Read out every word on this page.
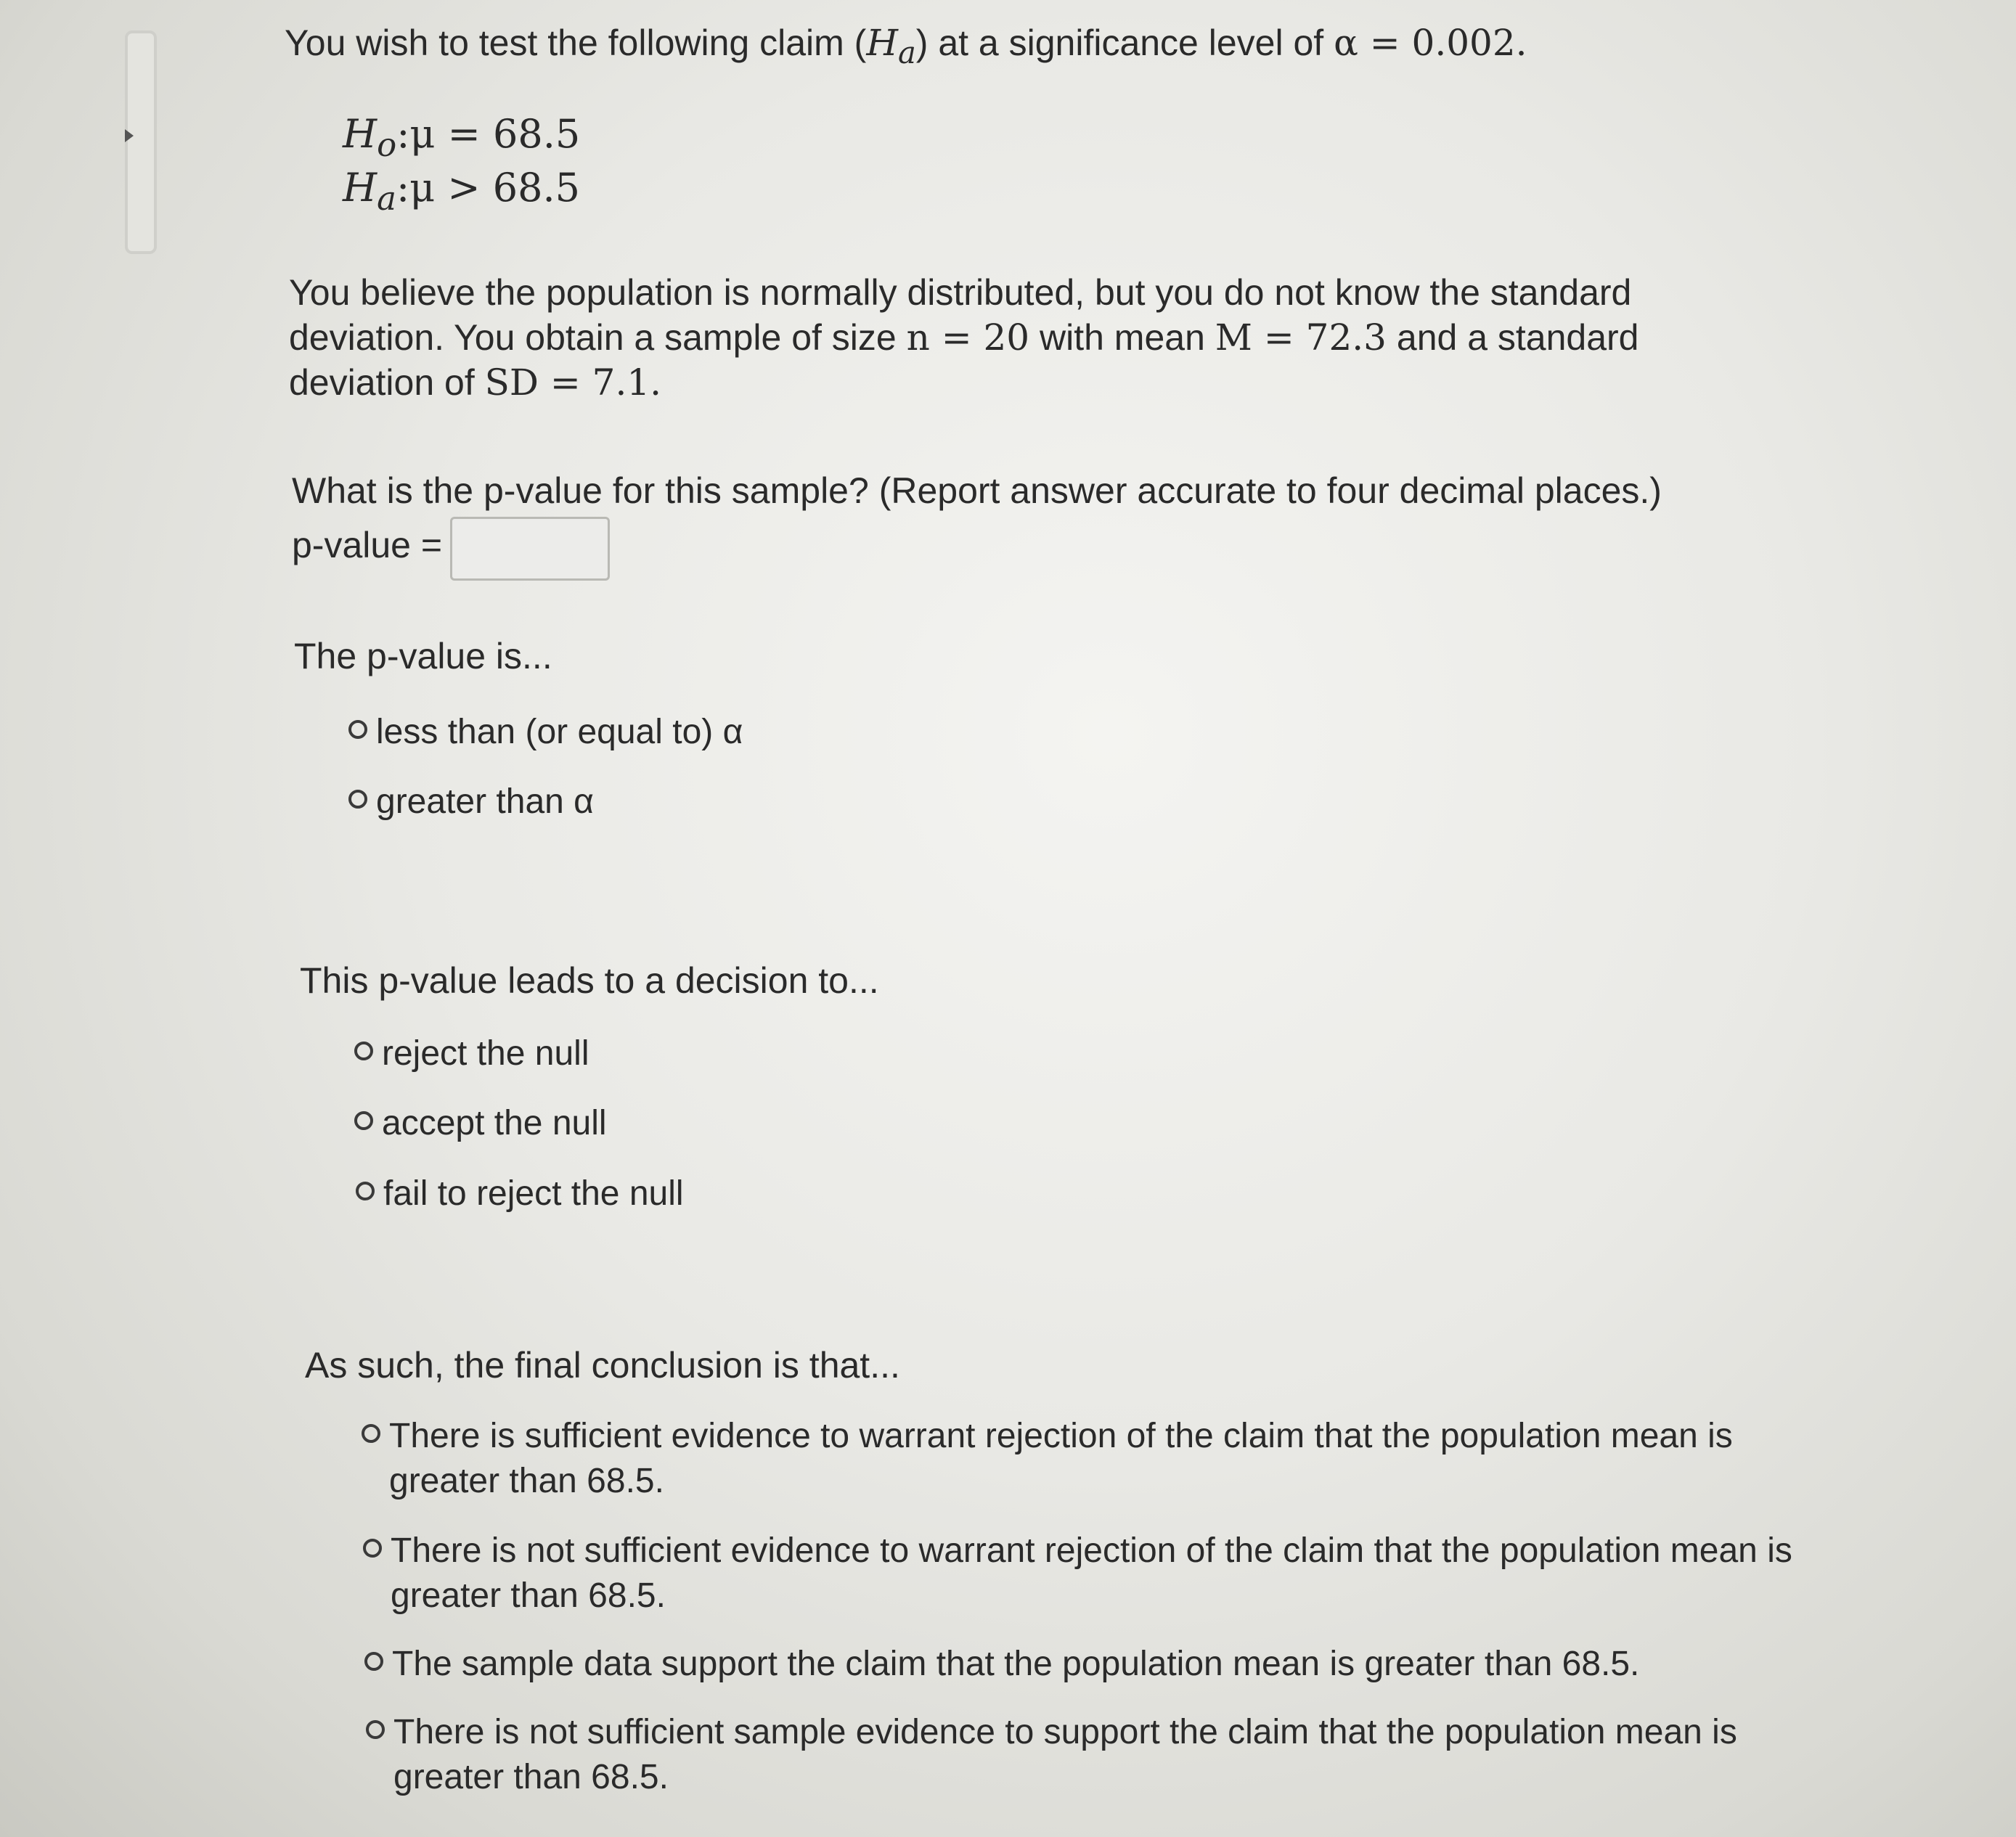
You wish to test the following claim $(H_a)$ at a significance level of α = 0.002.
$H_o:\mu = 68.5$
$H_a:\mu > 68.5$
You believe the population is normally distributed, but you do not know the standard
deviation. You obtain a sample of size n = 20 with mean M = 72.3 and a standard
deviation of SD = 7.1.
What is the p-value for this sample? (Report answer accurate to four decimal places.)
p-value =
The p-value is...
less than (or equal to) α
greater than α
This p-value leads to a decision to...
reject the null
accept the null
fail to reject the null
As such, the final conclusion is that...
There is sufficient evidence to warrant rejection of the claim that the population mean is greater than 68.5.
There is not sufficient evidence to warrant rejection of the claim that the population mean is greater than 68.5.
The sample data support the claim that the population mean is greater than 68.5.
There is not sufficient sample evidence to support the claim that the population mean is greater than 68.5.
